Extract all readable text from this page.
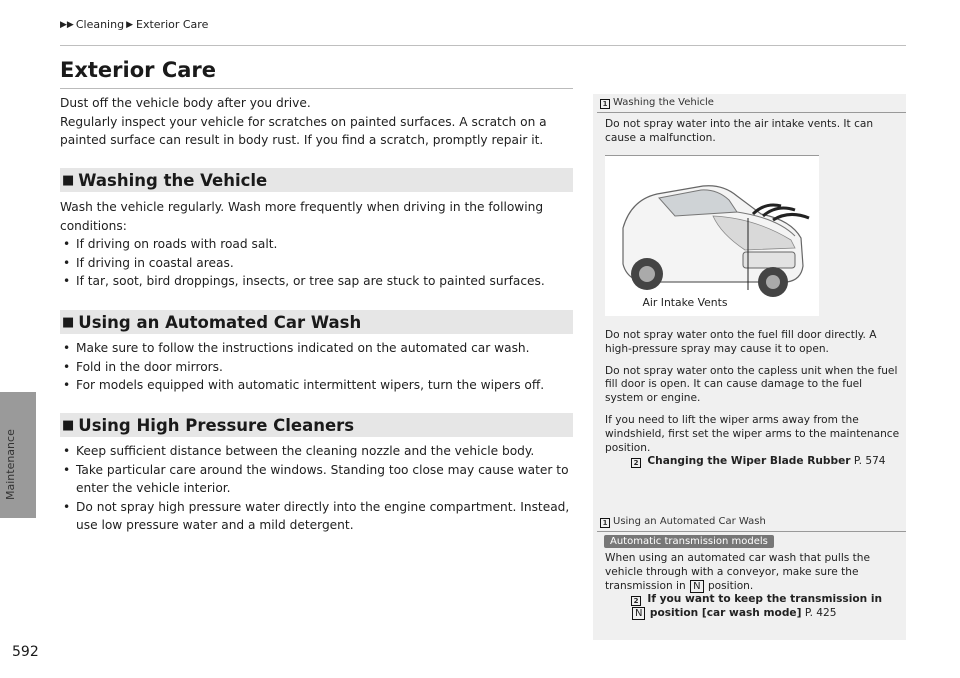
Maintenance
▶▶ Cleaning ▶ Exterior Care
Exterior Care

Dust off the vehicle body after you drive.

Regularly inspect your vehicle for scratches on painted surfaces. A scratch on a painted surface can result in body rust. If you find a scratch, promptly repair it.

■ Washing the Vehicle

Wash the vehicle regularly. Wash more frequently when driving in the following conditions:

• If driving on roads with road salt.
• If driving in coastal areas.
• If tar, soot, bird droppings, insects, or tree sap are stuck to painted surfaces.
■ Using an Automated Car Wash
• Make sure to follow the instructions indicated on the automated car wash.
• Fold in the door mirrors.
• For models equipped with automatic intermittent wipers, turn the wipers off.
■ Using High Pressure Cleaners
• Keep sufficient distance between the cleaning nozzle and the vehicle body.
• Take particular care around the windows. Standing too close may cause water to enter the vehicle interior.
• Do not spray high pressure water directly into the engine compartment. Instead, use low pressure water and a mild detergent.
1 Washing the Vehicle

Do not spray water into the air intake vents. It can cause a malfunction.

Air Intake Vents

Do not spray water onto the fuel fill door directly. A high-pressure spray may cause it to open.

Do not spray water onto the capless unit when the fuel fill door is open. It can cause damage to the fuel system or engine.

If you need to lift the wiper arms away from the windshield, first set the wiper arms to the maintenance position.

2 Changing the Wiper Blade Rubber P. 574

1 Using an Automated Car Wash
Automatic transmission models

When using an automated car wash that pulls the vehicle through with a conveyor, make sure the transmission in N position.

2 If you want to keep the transmission in N position [car wash mode] P. 425

592
